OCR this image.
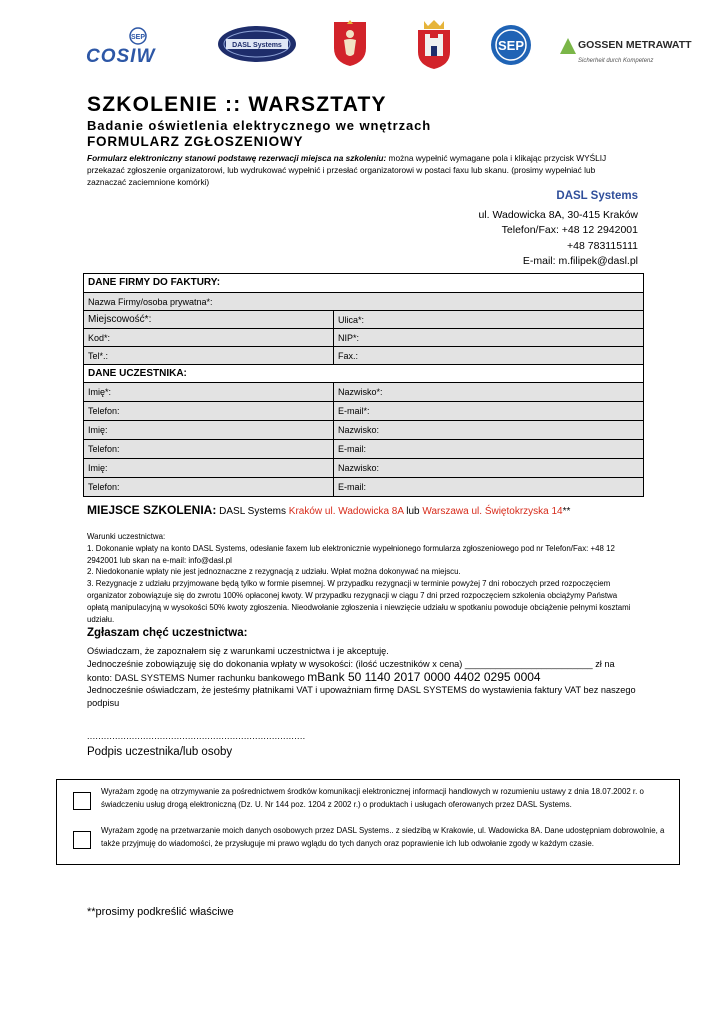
SEP
COSIW
DASL Systems	SEP	GOSSEN METRAWATT
Sicherheit durch Kompetenz
SZKOLENIE :: WARSZTATY
Badanie oświetlenia elektrycznego we wnętrzach
FORMULARZ ZGŁOSZENIOWY
Formularz elektroniczny stanowi podstawę rezerwacji miejsca na szkoleniu: można wypełnić wymagane pola i klikając przycisk WYŚLIJ przekazać zgłoszenie organizatorowi, lub wydrukować wypełnić i przesłać organizatorowi w postaci faxu lub skanu. (prosimy wypełniać lub zaznaczać zaciemnione komórki)
DASL Systems
ul. Wadowicka 8A, 30-415 Kraków
Telefon/Fax: +48 12 2942001
+48 783115111
E-mail: m.filipek@dasl.pl
DANE FIRMY DO FAKTURY:
Nazwa Firmy/osoba prywatna*:
Miejscowość*:	Ulica*:
Kod*:	NIP*:
Tel*.:	Fax.:
DANE UCZESTNIKA:
Imię*:	Nazwisko*:
Telefon:	E-mail*:
Imię:	Nazwisko:
Telefon:	E-mail:
Imię:	Nazwisko:
Telefon:	E-mail:
MIEJSCE SZKOLENIA: DASL Systems Kraków ul. Wadowicka 8A lub Warszawa ul. Świętokrzyska 14**
Warunki uczestnictwa:
1. Dokonanie wpłaty na konto DASL Systems, odesłanie faxem lub elektronicznie wypełnionego formularza zgłoszeniowego pod nr Telefon/Fax: +48 12 2942001 lub skan na e-mail: info@dasl.pl
2. Niedokonanie wpłaty nie jest jednoznaczne z rezygnacją z udziału. Wpłat można dokonywać na miejscu.
3. Rezygnacje z udziału przyjmowane będą tylko w formie pisemnej. W przypadku rezygnacji w terminie powyżej 7 dni roboczych przed rozpoczęciem organizator zobowiązuje się do zwrotu 100% opłaconej kwoty. W przypadku rezygnacji w ciągu 7 dni przed rozpoczęciem szkolenia obciążymy Państwa opłatą manipulacyjną w wysokości 50% kwoty zgłoszenia. Nieodwołanie zgłoszenia i niewzięcie udziału w spotkaniu powoduje obciążenie pełnymi kosztami udziału.
Zgłaszam chęć uczestnictwa:
Oświadczam, że zapoznałem się z warunkami uczestnictwa i je akceptuję.
Jednocześnie zobowiązuję się do dokonania wpłaty w wysokości: (ilość uczestników x cena) _________________________ zł na
konto: DASL SYSTEMS Numer rachunku bankowego mBank 50 1140 2017 0000 4402 0295 0004
Jednocześnie oświadczam, że jesteśmy płatnikami VAT i upoważniam firmę DASL SYSTEMS do wystawienia faktury VAT bez naszego podpisu
..............................................................................
Podpis uczestnika/lub osoby
Wyrażam zgodę na otrzymywanie za pośrednictwem środków komunikacji elektronicznej informacji handlowych w rozumieniu ustawy z dnia 18.07.2002 r. o świadczeniu usług drogą elektroniczną (Dz. U. Nr 144 poz. 1204 z 2002 r.) o produktach i usługach oferowanych przez DASL Systems.
Wyrażam zgodę na przetwarzanie moich danych osobowych przez DASL Systems.. z siedzibą w Krakowie, ul. Wadowicka 8A. Dane udostępniam dobrowolnie, a także przyjmuję do wiadomości, że przysługuje mi prawo wglądu do tych danych oraz poprawienie ich lub odwołanie zgody w każdym czasie.
**prosimy podkreślić właściwe
